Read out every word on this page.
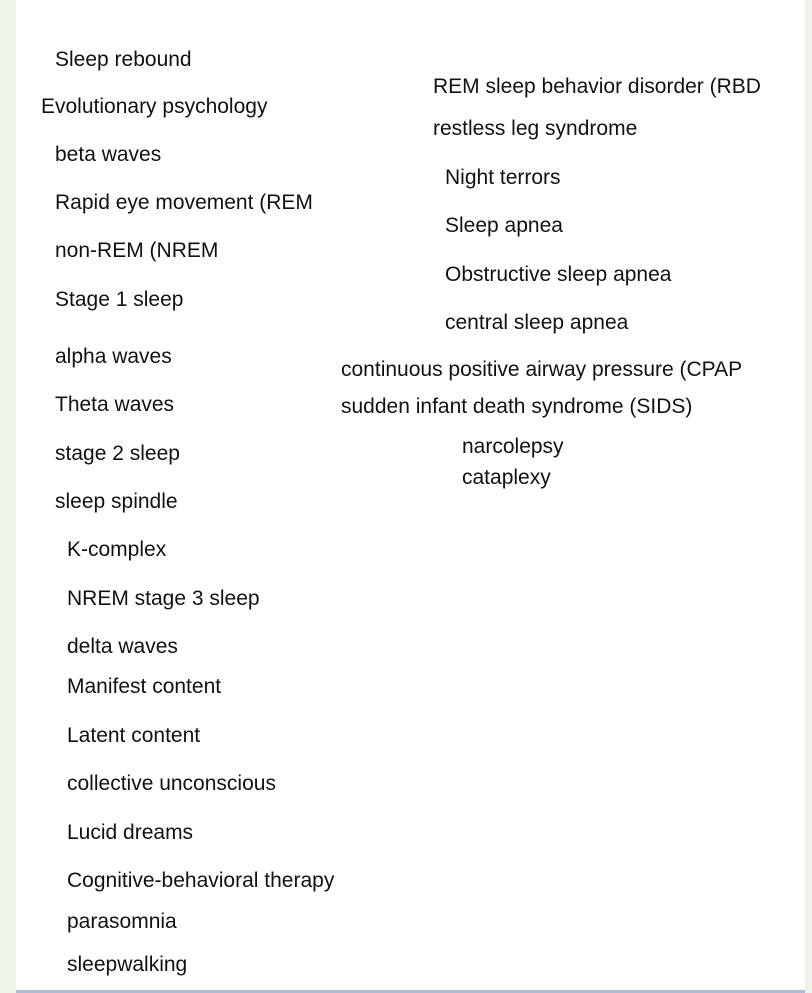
Sleep rebound
Evolutionary psychology
beta waves
Rapid eye movement (REM
non-REM (NREM
Stage 1 sleep
alpha waves
Theta waves
stage 2 sleep
sleep spindle
K-complex
NREM stage 3 sleep
delta waves
Manifest content
Latent content
collective unconscious
Lucid dreams
Cognitive-behavioral therapy
parasomnia
sleepwalking
REM sleep behavior disorder (RBD
restless leg syndrome
Night terrors
Sleep apnea
Obstructive sleep apnea
central sleep apnea
continuous positive airway pressure (CPAP
sudden infant death syndrome (SIDS)
narcolepsy
cataplexy
